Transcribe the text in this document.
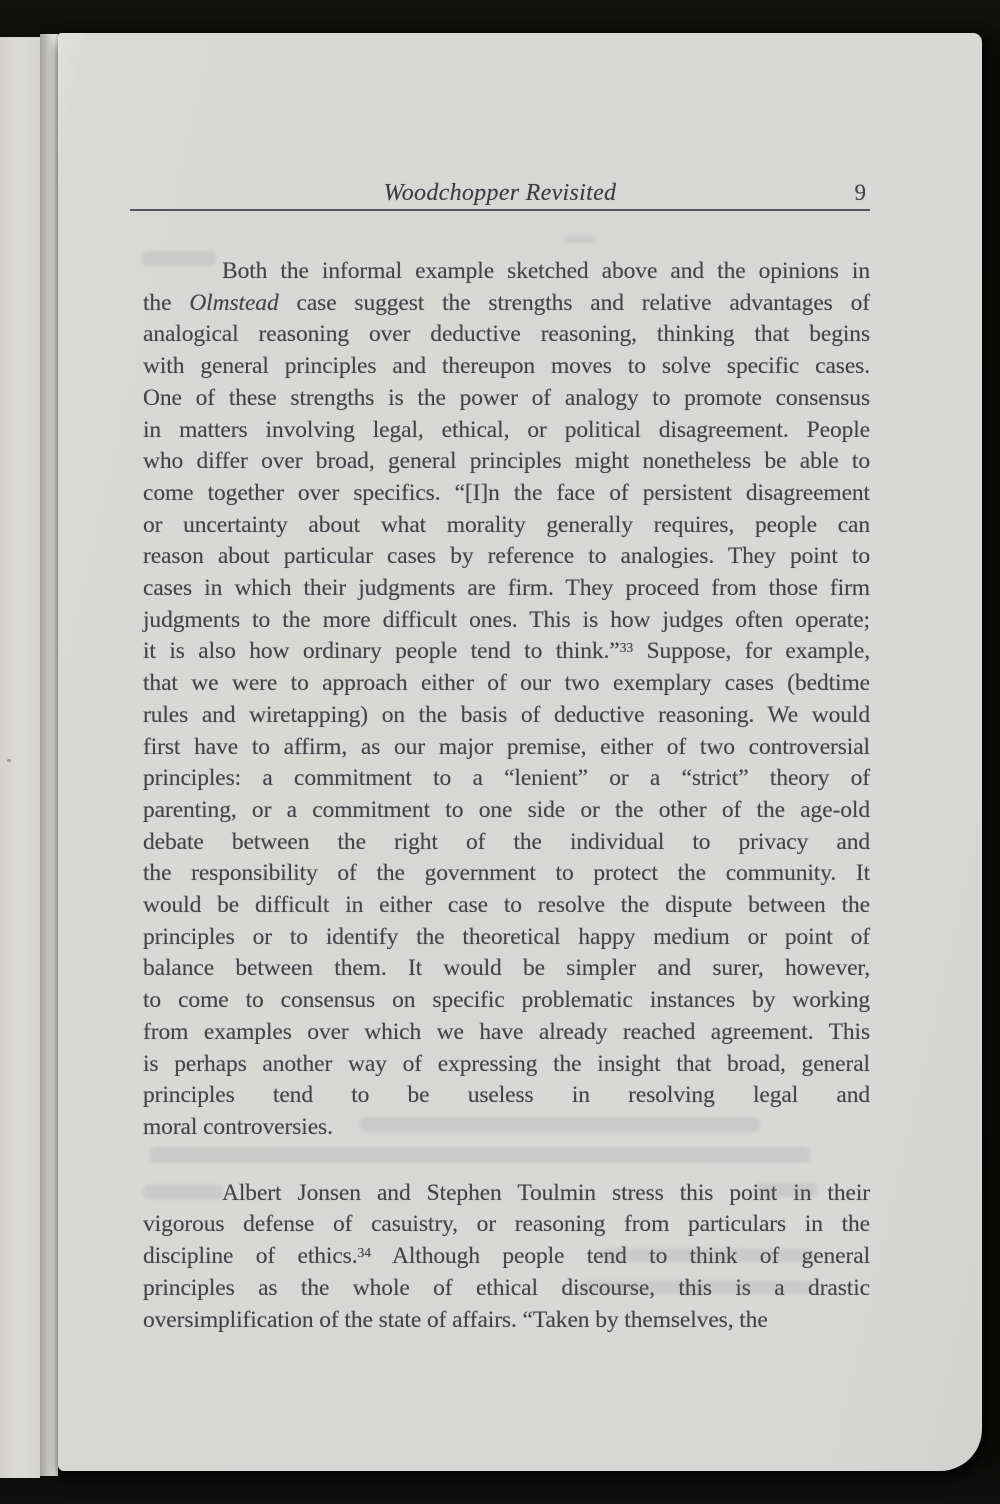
Woodchopper Revisited	9
Both the informal example sketched above and the opinions in
the Olmstead case suggest the strengths and relative advantages of
analogical reasoning over deductive reasoning, thinking that begins
with general principles and thereupon moves to solve specific cases.
One of these strengths is the power of analogy to promote consensus
in matters involving legal, ethical, or political disagreement. People
who differ over broad, general principles might nonetheless be able to
come together over specifics. “[I]n the face of persistent disagreement
or uncertainty about what morality generally requires, people can
reason about particular cases by reference to analogies. They point to
cases in which their judgments are firm. They proceed from those firm
judgments to the more difficult ones. This is how judges often operate;
it is also how ordinary people tend to think.”$^{33}$ Suppose, for example,
that we were to approach either of our two exemplary cases (bedtime
rules and wiretapping) on the basis of deductive reasoning. We would
first have to affirm, as our major premise, either of two controversial
principles: a commitment to a “lenient” or a “strict” theory of
parenting, or a commitment to one side or the other of the age-old
debate between the right of the individual to privacy and
the responsibility of the government to protect the community. It
would be difficult in either case to resolve the dispute between the
principles or to identify the theoretical happy medium or point of
balance between them. It would be simpler and surer, however,
to come to consensus on specific problematic instances by working
from examples over which we have already reached agreement. This
is perhaps another way of expressing the insight that broad, general
principles tend to be useless in resolving legal and
moral controversies.
Albert Jonsen and Stephen Toulmin stress this point in their
vigorous defense of casuistry, or reasoning from particulars in the
discipline of ethics.$^{34}$ Although people tend to think of general
principles as the whole of ethical discourse, this is a drastic
oversimplification of the state of affairs. “Taken by themselves, the
